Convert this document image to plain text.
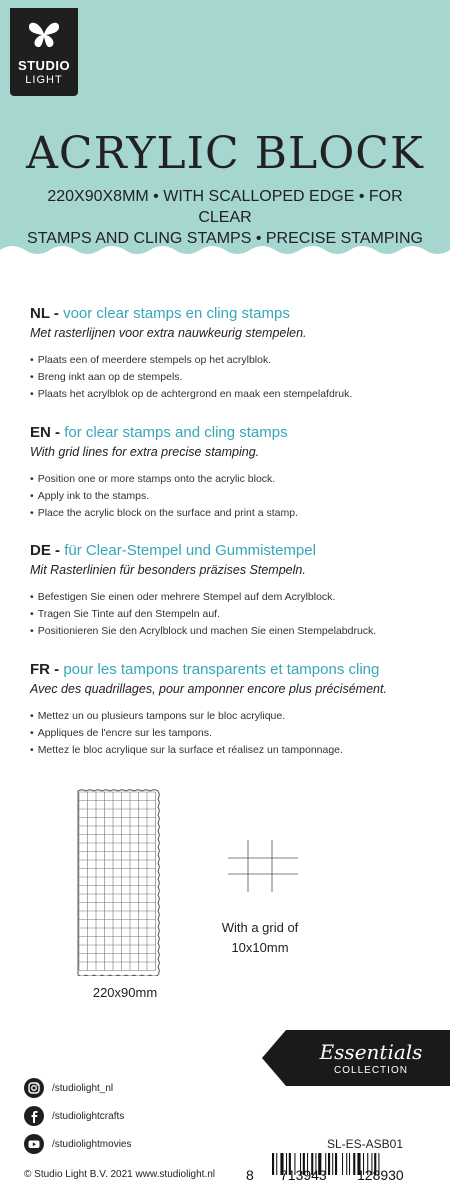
STUDIO
LIGHT
ACRYLIC BLOCK
220X90X8MM • WITH SCALLOPED EDGE • FOR CLEAR
STAMPS AND CLING STAMPS • PRECISE STAMPING
NL - voor clear stamps en cling stamps
Met rasterlijnen voor extra nauwkeurig stempelen.
• Plaats een of meerdere stempels op het acrylblok.
• Breng inkt aan op de stempels.
• Plaats het acrylblok op de achtergrond en maak een stempelafdruk.
EN - for clear stamps and cling stamps
With grid lines for extra precise stamping.
• Position one or more stamps onto the acrylic block.
• Apply ink to the stamps.
• Place the acrylic block on the surface and print a stamp.
DE - für Clear-Stempel und Gummistempel
Mit Rasterlinien für besonders präzises Stempeln.
• Befestigen Sie einen oder mehrere Stempel auf dem Acrylblock.
• Tragen Sie Tinte auf den Stempeln auf.
• Positionieren Sie den Acrylblock und machen Sie einen Stempelabdruck.
FR - pour les tampons transparents et tampons cling
Avec des quadrillages, pour amponner encore plus précisément.
• Mettez un ou plusieurs tampons sur le bloc acrylique.
• Appliques de l'encre sur les tampons.
• Mettez le bloc acrylique sur la surface et réalisez un tamponnage.
220x90mm
With a grid of
10x10mm
Essentials
COLLECTION
/studiolight_nl
/studiolightcrafts
/studiolightmovies	SL-ES-ASB01
© Studio Light B.V. 2021 www.studiolight.nl 8 713943 128930
